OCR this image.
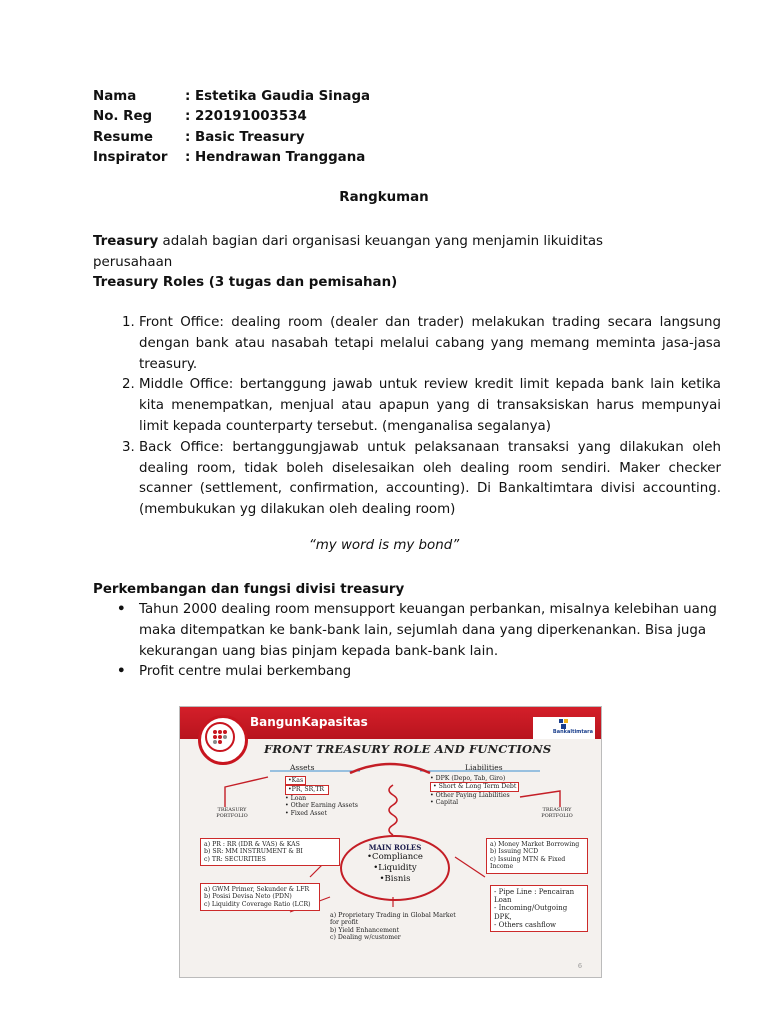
Nama	: Estetika Gaudia Sinaga
No. Reg : 220191003534
Resume : Basic Treasury
Inspirator : Hendrawan Tranggana
Rangkuman
Treasury adalah bagian dari organisasi keuangan yang menjamin likuiditas perusahaan
Treasury Roles (3 tugas dan pemisahan)
1. Front Office: dealing room (dealer dan trader) melakukan trading secara langsung dengan bank atau nasabah tetapi melalui cabang yang memang meminta jasa-jasa treasury.
2. Middle Office: bertanggung jawab untuk review kredit limit kepada bank lain ketika kita menempatkan, menjual atau apapun yang di transaksiskan harus mempunyai limit kepada counterparty tersebut. (menganalisa segalanya)
3. Back Office: bertanggungjawab untuk pelaksanaan transaksi yang dilakukan oleh dealing room, tidak boleh diselesaikan oleh dealing room sendiri. Maker checker scanner (settlement, confirmation, accounting). Di Bankaltimtara divisi accounting. (membukukan yg dilakukan oleh dealing room)
“my word is my bond”
Perkembangan dan fungsi divisi treasury
• Tahun 2000 dealing room mensupport keuangan perbankan, misalnya kelebihan uang maka ditempatkan ke bank-bank lain, sejumlah dana yang diperkenankan. Bisa juga kekurangan uang bias pinjam kepada bank-bank lain.
• Profit centre mulai berkembang
BangunKapasitas
Bankaltimtara
FRONT TREASURY ROLE AND FUNCTIONS
Assets	Liabilities
•Kas
•PR, SR,TR
• Loan
• Other Earning Assets
• Fixed Asset
• DPK (Depo, Tab, Giro)
• Short & Long Term Debt
• Other Paying Liabilities
• Capital
TREASURY PORTFOLIO
TREASURY PORTFOLIO
a) PR : RR (IDR & VAS) & KAS
b) SR: MM INSTRUMENT & BI
c) TR: SECURITIES
a) Money Market Borrowing
b) Issuing NCD
c) Issuing MTN & Fixed Income
MAIN ROLES
•Compliance
•Liquidity
•Bisnis
a) GWM Primer, Sekunder & LFR
b) Posisi Devisa Neto (PDN)
c) Liquidity Coverage Ratio (LCR)
a) Proprietary Trading in Global Market for profit
b) Yield Enhancement
c) Dealing w/customer
- Pipe Line : Pencairan Loan
- Incoming/Outgoing DPK,
- Others cashflow
6
